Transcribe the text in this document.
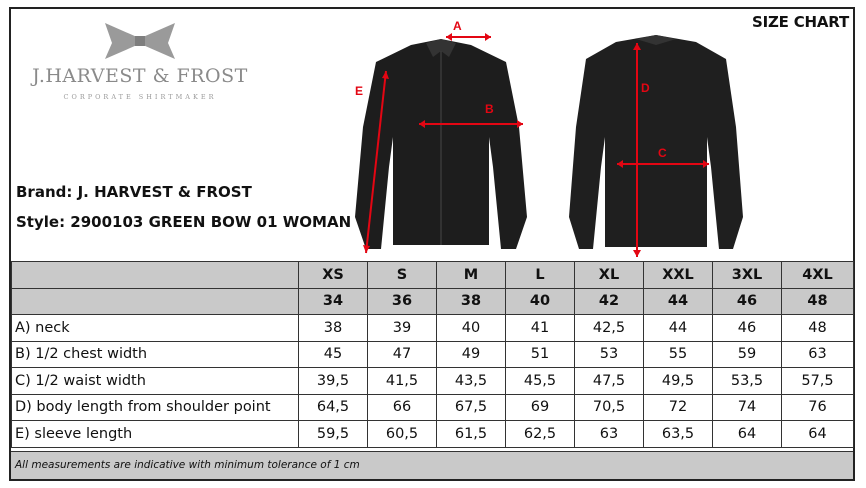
SIZE CHART
J.HARVEST & FROST
CORPORATE SHIRTMAKER
Brand: J. HARVEST & FROST
Style: 2900103 GREEN BOW 01 WOMAN
A
B
E	D
C
	XS	S	M	L	XL	XXL	3XL	4XL
	34	36	38	40	42	44	46	48
A) neck	38	39	40	41	42,5	44	46	48
B) 1/2 chest width	45	47	49	51	53	55	59	63
C) 1/2 waist width	39,5	41,5	43,5	45,5	47,5	49,5	53,5	57,5
D) body length from shoulder point	64,5	66	67,5	69	70,5	72	74	76
E) sleeve length	59,5	60,5	61,5	62,5	63	63,5	64	64
All measurements are indicative with minimum tolerance of 1 cm
